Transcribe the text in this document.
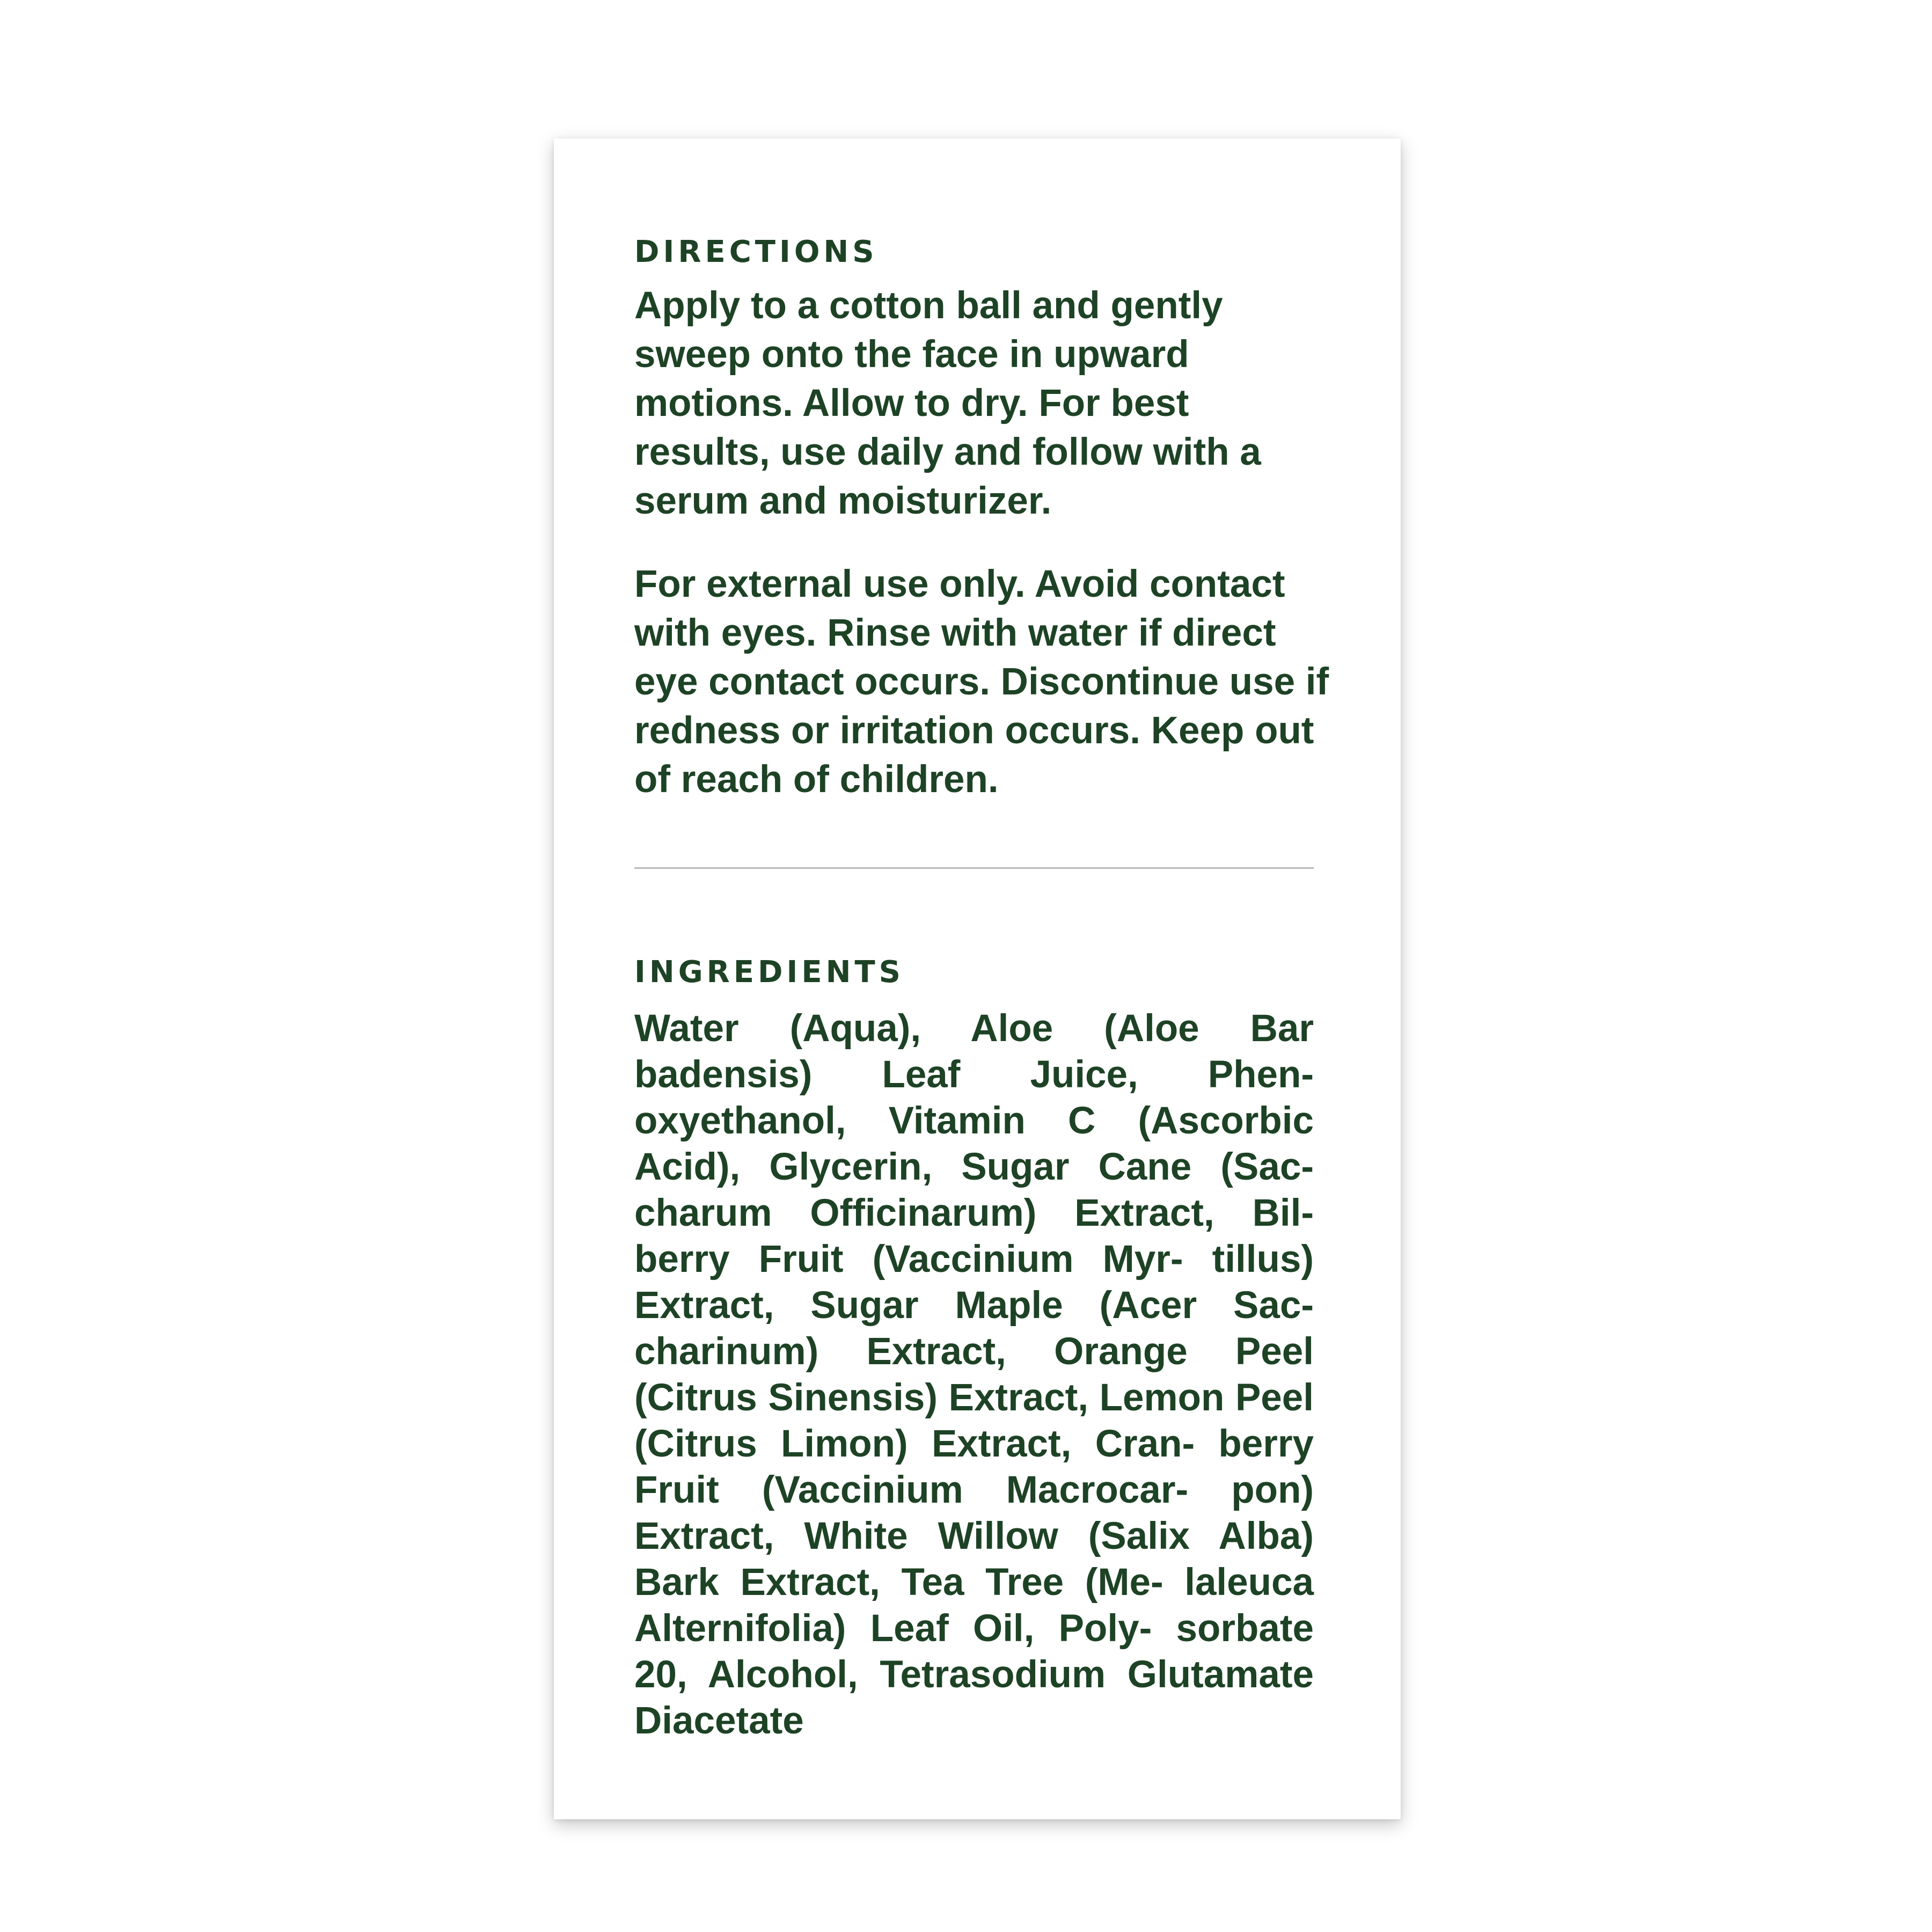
DIRECTIONS

Apply to a cotton ball and gently sweep onto the face in upward motions. Allow to dry. For best results, use daily and follow with a serum and moisturizer.

For external use only. Avoid contact with eyes. Rinse with water if direct eye contact occurs. Discontinue use if redness or irritation occurs. Keep out of reach of children.

INGREDIENTS

Water (Aqua), Aloe (Aloe Bar badensis) Leaf Juice, Phen- oxyethanol, Vitamin C (Ascorbic Acid), Glycerin, Sugar Cane (Sac- charum Officinarum) Extract, Bil- berry Fruit (Vaccinium Myr- tillus) Extract, Sugar Maple (Acer Sac- charinum) Extract, Orange Peel (Citrus Sinensis) Extract, Lemon Peel (Citrus Limon) Extract, Cran- berry Fruit (Vaccinium Macrocar- pon) Extract, White Willow (Salix Alba) Bark Extract, Tea Tree (Me- laleuca Alternifolia) Leaf Oil, Poly- sorbate 20, Alcohol, Tetrasodium Glutamate Diacetate
